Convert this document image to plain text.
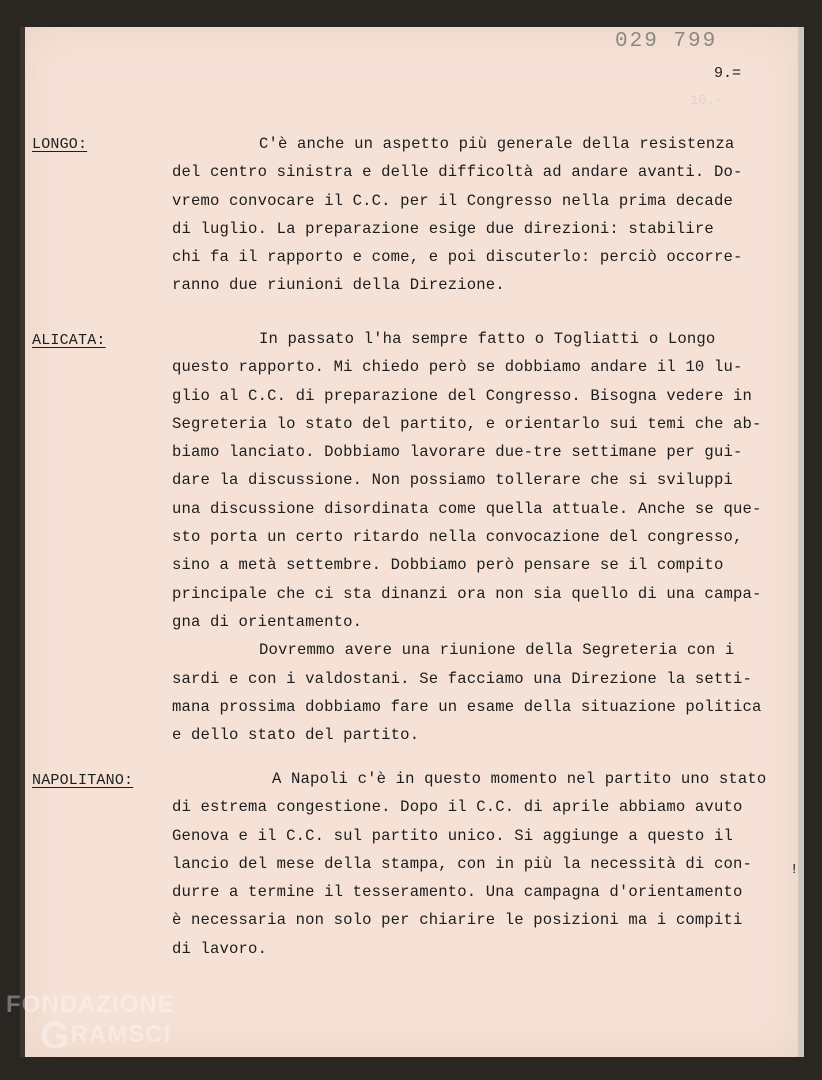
10.-

029 799
9.=
LONGO:	C'è anche un aspetto più generale della resistenza
del centro sinistra e delle difficoltà ad andare avanti. Do-
vremo convocare il C.C. per il Congresso nella prima decade
di luglio. La preparazione esige due direzioni: stabilire
chi fa il rapporto e come, e poi discuterlo: perciò occorre-
ranno due riunioni della Direzione.
ALICATA:	In passato l'ha sempre fatto o Togliatti o Longo
questo rapporto. Mi chiedo però se dobbiamo andare il 10 lu-
glio al C.C. di preparazione del Congresso. Bisogna vedere in
Segreteria lo stato del partito, e orientarlo sui temi che ab-
biamo lanciato. Dobbiamo lavorare due-tre settimane per gui-
dare la discussione. Non possiamo tollerare che si sviluppi
una discussione disordinata come quella attuale. Anche se que-
sto porta un certo ritardo nella convocazione del congresso,
sino a metà settembre. Dobbiamo però pensare se il compito
principale che ci sta dinanzi ora non sia quello di una campa-
gna di orientamento.
Dovremmo avere una riunione della Segreteria con i
sardi e con i valdostani. Se facciamo una Direzione la setti-
mana prossima dobbiamo fare un esame della situazione politica
e dello stato del partito.
NAPOLITANO:	A Napoli c'è in questo momento nel partito uno stato
di estrema congestione. Dopo il C.C. di aprile abbiamo avuto
Genova e il C.C. sul partito unico. Si aggiunge a questo il
lancio del mese della stampa, con in più la necessità di con-
durre a termine il tesseramento. Una campagna d'orientamento
è necessaria non solo per chiarire le posizioni ma i compiti
di lavoro.
!
FONDAZIONE
GRAMSCI
